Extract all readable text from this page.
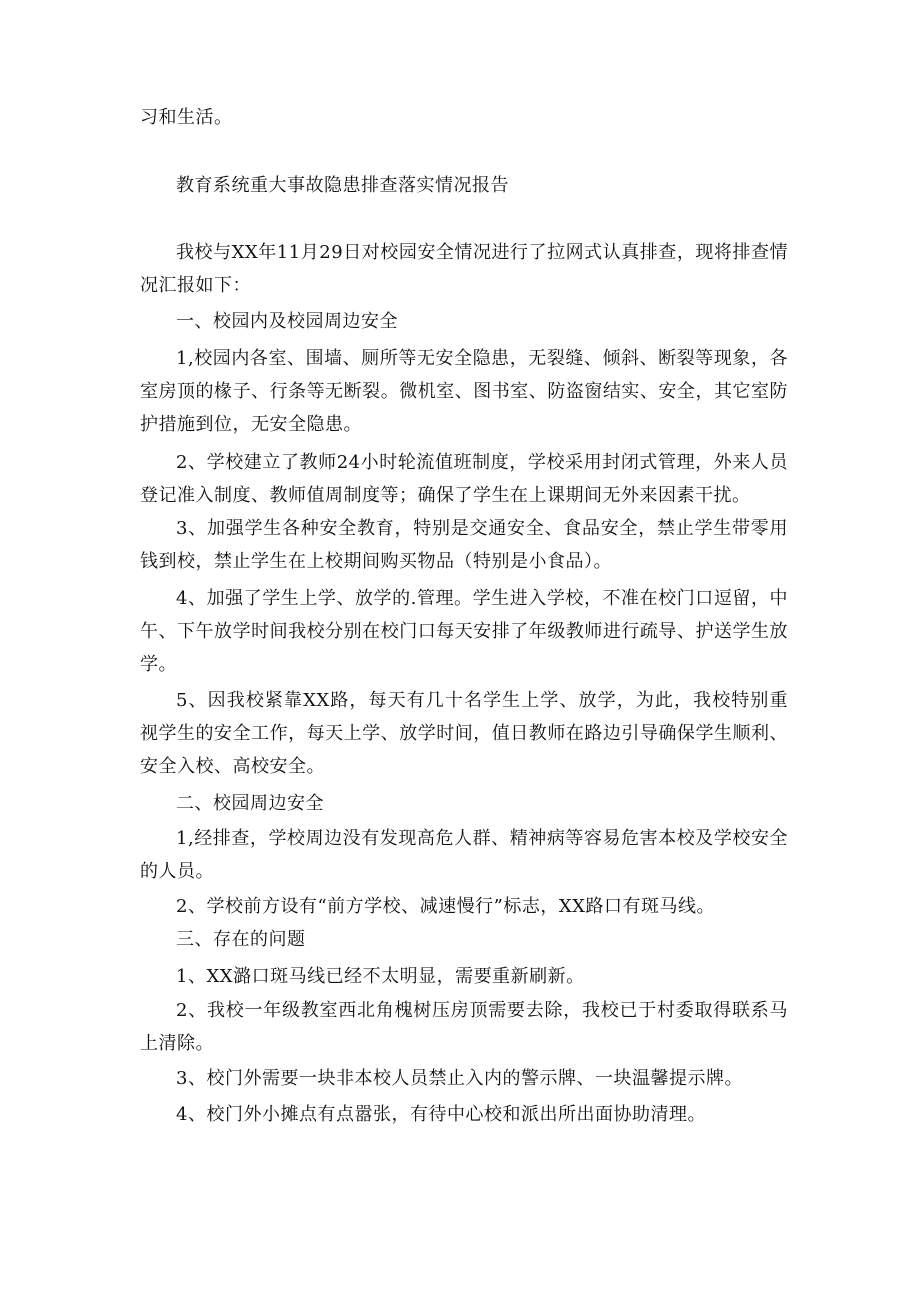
习和生活。
教育系统重大事故隐患排查落实情况报告
我校与XX年11月29日对校园安全情况进行了拉网式认真排查，现将排查情况汇报如下：
一、校园内及校园周边安全
1,校园内各室、围墙、厕所等无安全隐患，无裂缝、倾斜、断裂等现象，各室房顶的椽子、行条等无断裂。微机室、图书室、防盗窗结实、安全，其它室防护措施到位，无安全隐患。
2、学校建立了教师24小时轮流值班制度，学校采用封闭式管理，外来人员登记准入制度、教师值周制度等；确保了学生在上课期间无外来因素干扰。
3、加强学生各种安全教育，特别是交通安全、食品安全，禁止学生带零用钱到校，禁止学生在上校期间购买物品（特别是小食品）。
4、加强了学生上学、放学的.管理。学生进入学校，不准在校门口逗留，中午、下午放学时间我校分别在校门口每天安排了年级教师进行疏导、护送学生放学。
5、因我校紧靠XX路，每天有几十名学生上学、放学，为此，我校特别重视学生的安全工作，每天上学、放学时间，值日教师在路边引导确保学生顺利、安全入校、高校安全。
二、校园周边安全
1,经排查，学校周边没有发现高危人群、精神病等容易危害本校及学校安全的人员。
2、学校前方设有“前方学校、减速慢行”标志，XX路口有斑马线。
三、存在的问题
1、XX潞口斑马线已经不太明显，需要重新刷新。
2、我校一年级教室西北角槐树压房顶需要去除，我校已于村委取得联系马上清除。
3、校门外需要一块非本校人员禁止入内的警示牌、一块温馨提示牌。
4、校门外小摊点有点嚣张，有待中心校和派出所出面协助清理。
